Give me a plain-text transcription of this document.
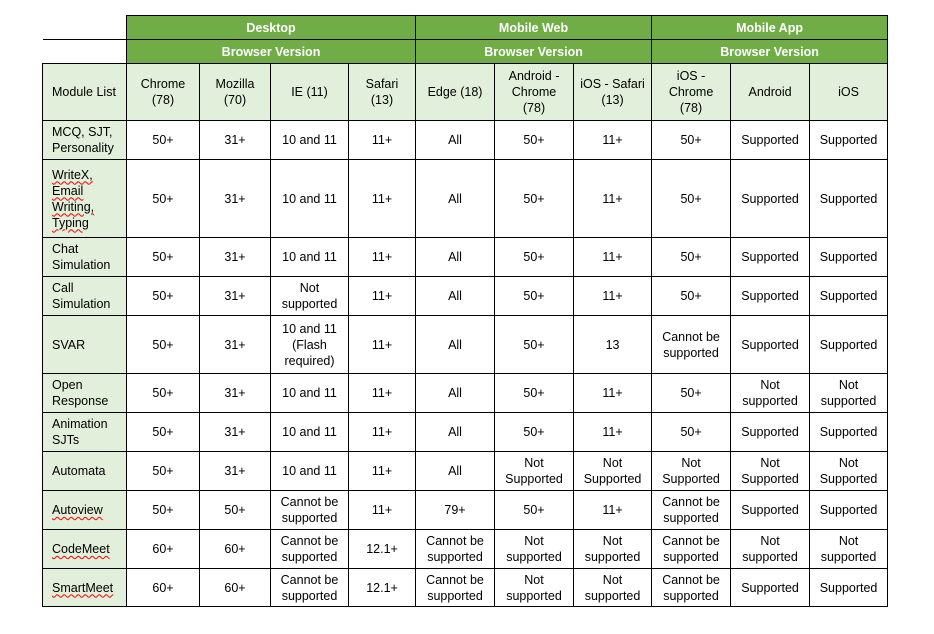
	Desktop				Mobile Web			Mobile App		
	Browser Version				Browser Version			Browser Version		
Module List	Chrome (78)	Mozilla (70)	IE (11)	Safari (13)	Edge (18)	Android - Chrome (78)	iOS - Safari (13)	iOS - Chrome (78)	Android	iOS
MCQ, SJT, Personality	50+	31+	10 and 11	11+	All	50+	11+	50+	Supported	Supported
WriteX, Email Writing, Typing	50+	31+	10 and 11	11+	All	50+	11+	50+	Supported	Supported
Chat Simulation	50+	31+	10 and 11	11+	All	50+	11+	50+	Supported	Supported
Call Simulation	50+	31+	Not supported	11+	All	50+	11+	50+	Supported	Supported
SVAR	50+	31+	10 and 11 (Flash required)	11+	All	50+	13	Cannot be supported	Supported	Supported
Open Response	50+	31+	10 and 11	11+	All	50+	11+	50+	Not supported	Not supported
Animation SJTs	50+	31+	10 and 11	11+	All	50+	11+	50+	Supported	Supported
Automata	50+	31+	10 and 11	11+	All	Not Supported	Not Supported	Not Supported	Not Supported	Not Supported
Autoview	50+	50+	Cannot be supported	11+	79+	50+	11+	Cannot be supported	Supported	Supported
CodeMeet	60+	60+	Cannot be supported	12.1+	Cannot be supported	Not supported	Not supported	Cannot be supported	Not supported	Not supported
SmartMeet	60+	60+	Cannot be supported	12.1+	Cannot be supported	Not supported	Not supported	Cannot be supported	Supported	Supported
